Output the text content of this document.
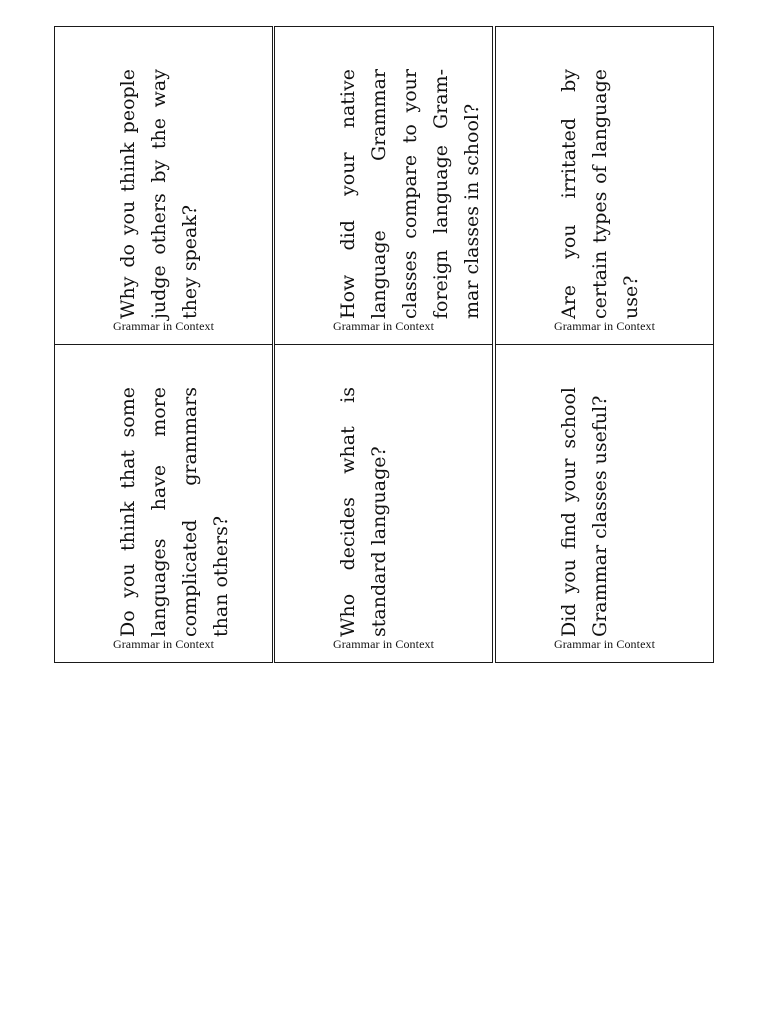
Why do you think people judge others by the way they speak?
Grammar in Context
How did your native language Grammar classes compare to your foreign language Grammar classes in school?
Grammar in Context
Are you irritated by certain types of language use?
Grammar in Context
Do you think that some languages have more complicated grammars than others?
Grammar in Context
Who decides what is standard language?
Grammar in Context
Did you find your school Grammar classes useful?
Grammar in Context
